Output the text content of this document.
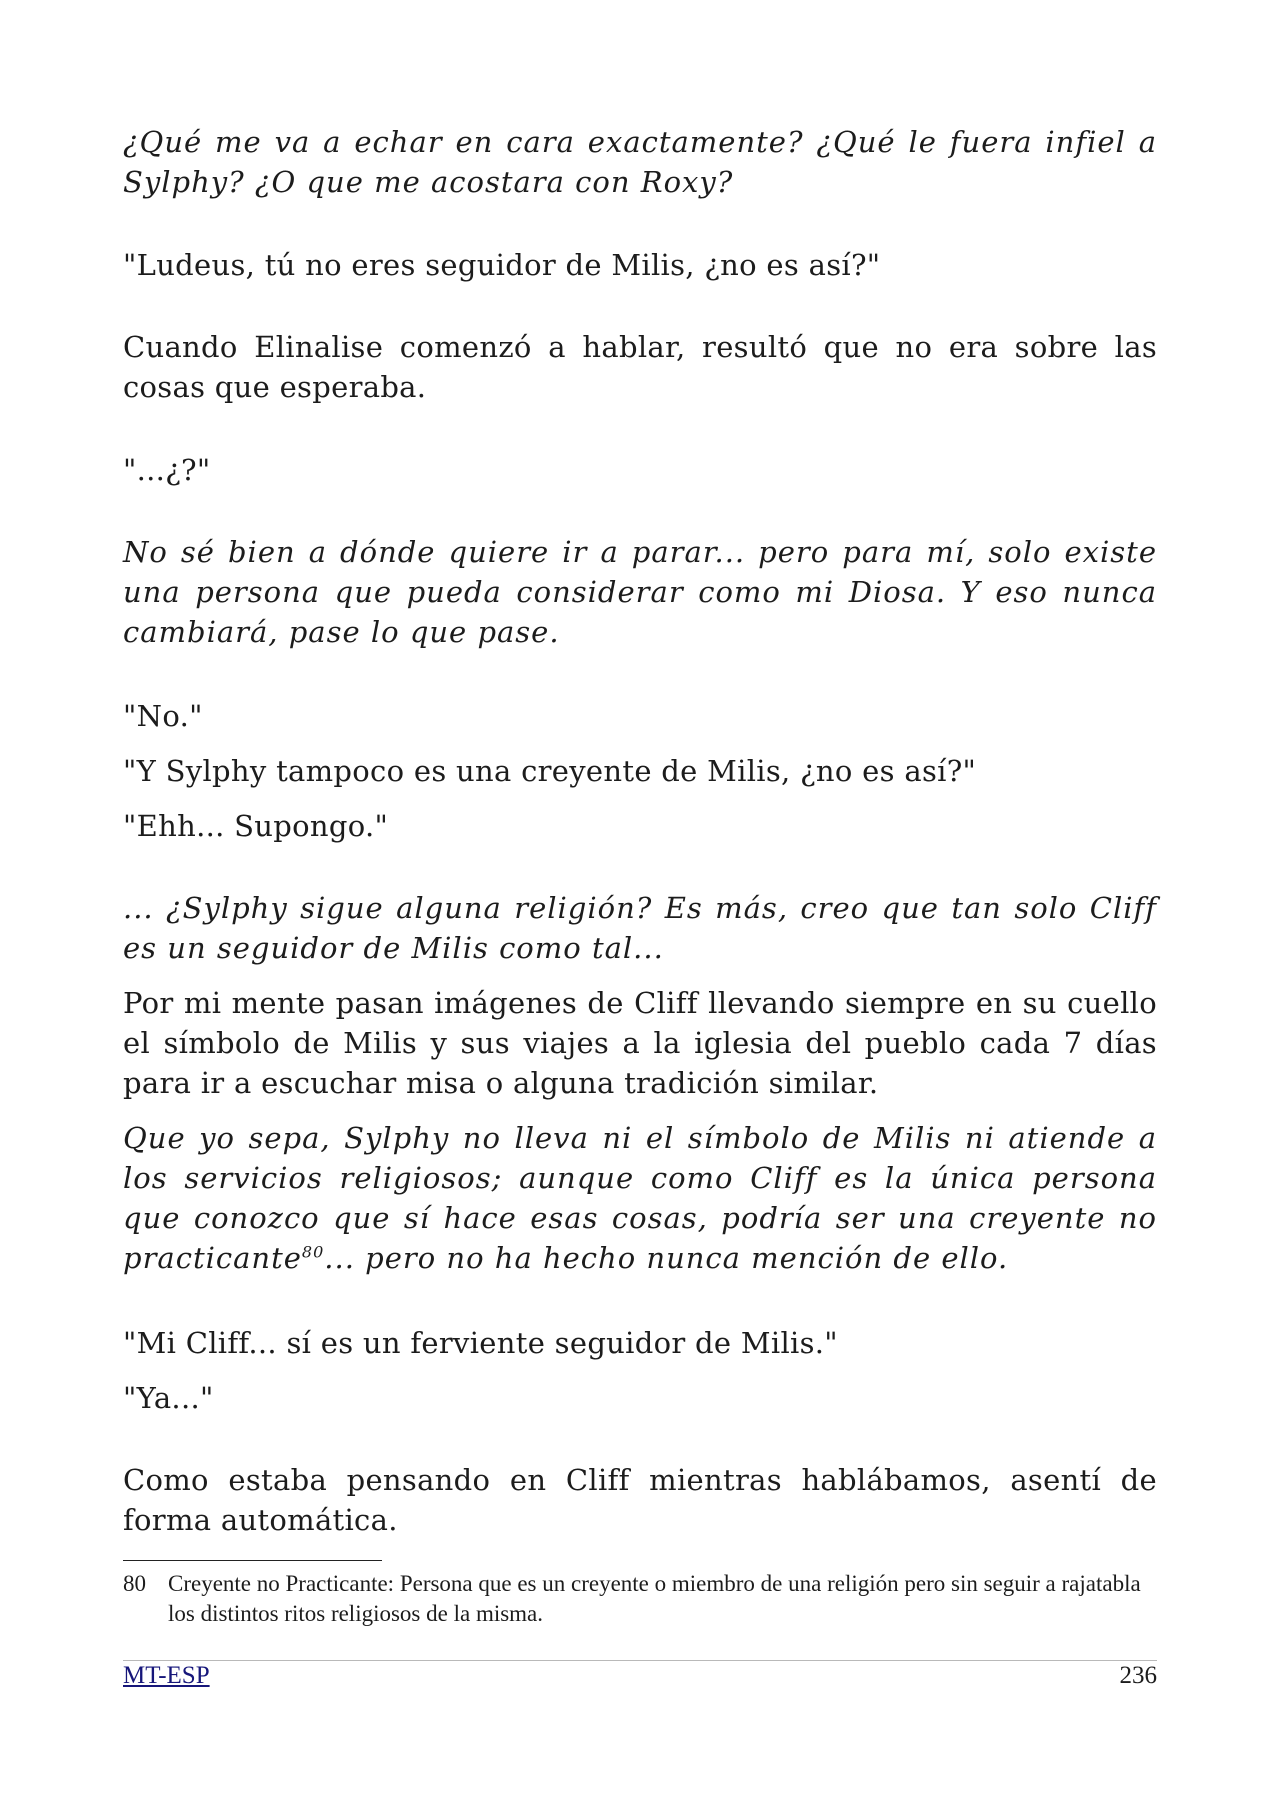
¿Qué me va a echar en cara exactamente? ¿Qué le fuera infiel a Sylphy? ¿O que me acostara con Roxy?

"Ludeus, tú no eres seguidor de Milis, ¿no es así?"

Cuando Elinalise comenzó a hablar, resultó que no era sobre las cosas que esperaba.

"...¿?"

No sé bien a dónde quiere ir a parar... pero para mí, solo existe una persona que pueda considerar como mi Diosa. Y eso nunca cambiará, pase lo que pase.

"No."

"Y Sylphy tampoco es una creyente de Milis, ¿no es así?"

"Ehh... Supongo."

... ¿Sylphy sigue alguna religión? Es más, creo que tan solo Cliff es un seguidor de Milis como tal...

Por mi mente pasan imágenes de Cliff llevando siempre en su cuello el símbolo de Milis y sus viajes a la iglesia del pueblo cada 7 días para ir a escuchar misa o alguna tradición similar.

Que yo sepa, Sylphy no lleva ni el símbolo de Milis ni atiende a los servicios religiosos; aunque como Cliff es la única persona que conozco que sí hace esas cosas, podría ser una creyente no practicante$^{80}$... pero no ha hecho nunca mención de ello.

"Mi Cliff... sí es un ferviente seguidor de Milis."

"Ya..."

Como estaba pensando en Cliff mientras hablábamos, asentí de forma automática.

80 Creyente no Practicante: Persona que es un creyente o miembro de una religión pero sin seguir a rajatabla los distintos ritos religiosos de la misma.
MT-ESP	236
